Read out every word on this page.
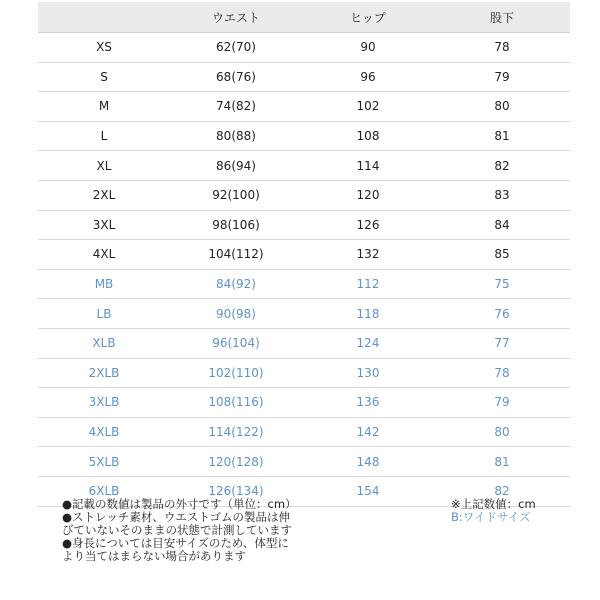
	ウエスト	ヒップ	股下
XS	62(70)	90	78
S	68(76)	96	79
M	74(82)	102	80
L	80(88)	108	81
XL	86(94)	114	82
2XL	92(100)	120	83
3XL	98(106)	126	84
4XL	104(112)	132	85
MB	84(92)	112	75
LB	90(98)	118	76
XLB	96(104)	124	77
2XLB	102(110)	130	78
3XLB	108(116)	136	79
4XLB	114(122)	142	80
5XLB	120(128)	148	81
6XLB	126(134)	154	82

●記載の数値は製品の外寸です（単位：cm）

●ストレッチ素材、ウエストゴムの製品は伸びていないそのままの状態で計測しています

●身長については目安サイズのため、体型により当てはまらない場合があります

※上記数値：cm
B:ワイドサイズ
